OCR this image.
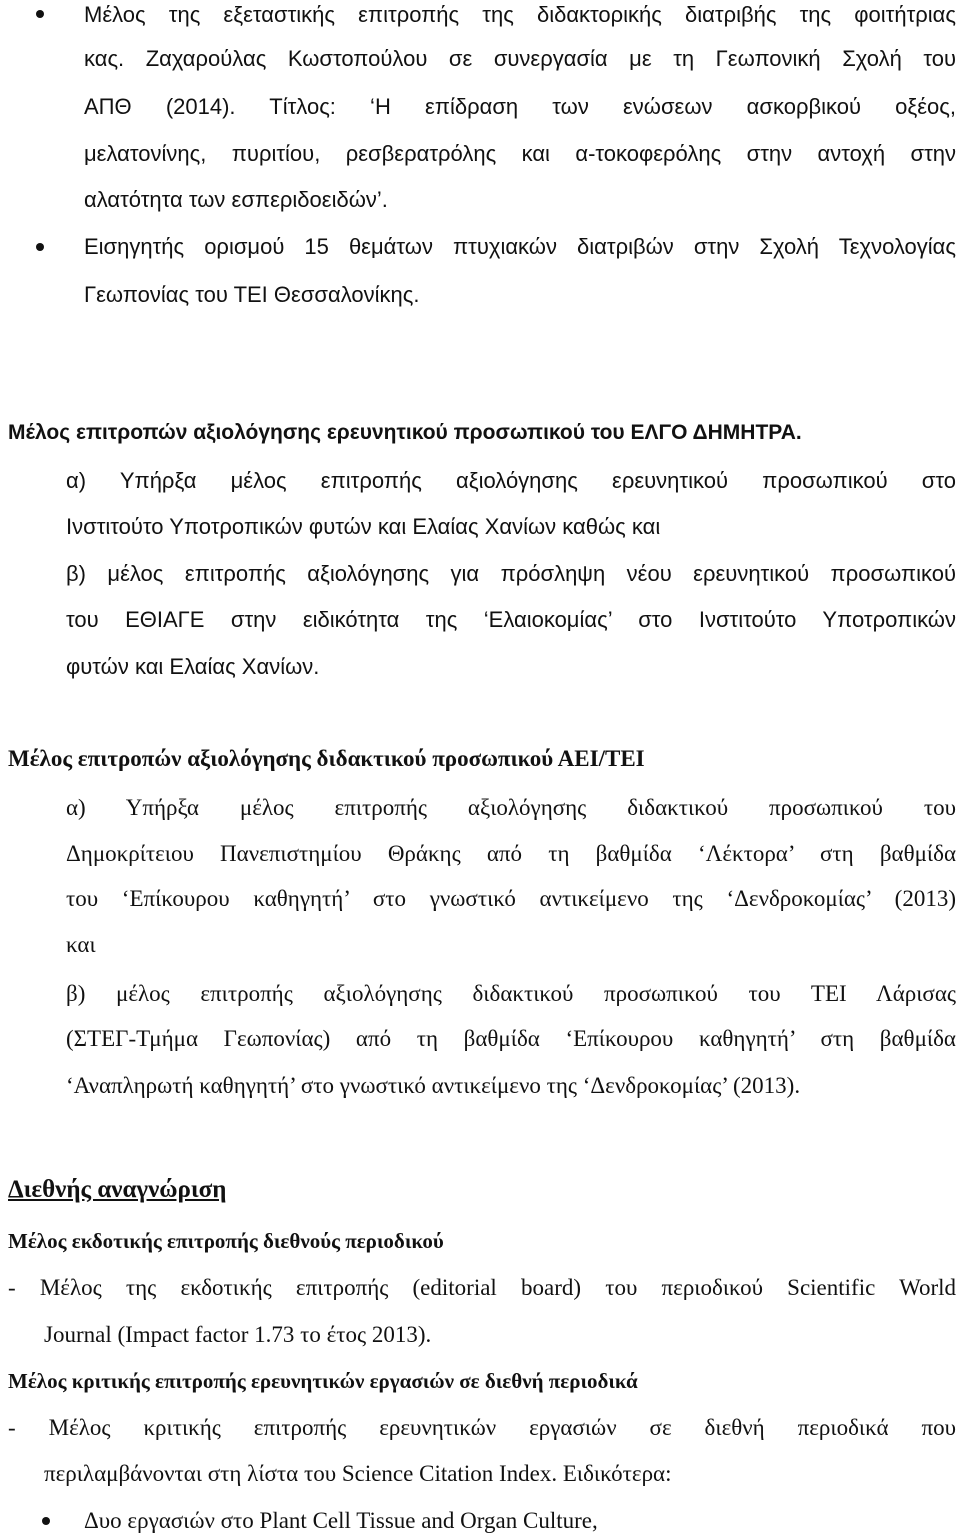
Μέλος της εξεταστικής επιτροπής της διδακτορικής διατριβής της φοιτήτριας

κας. Ζαχαρούλας Κωστοπούλου σε συνεργασία με τη Γεωπονική Σχολή του

ΑΠΘ (2014). Τίτλος: ‘Η επίδραση των ενώσεων ασκορβικού οξέος,

μελατονίνης, πυριτίου, ρεσβερατρόλης και α-τοκοφερόλης στην αντοχή στην

αλατότητα των εσπεριδοειδών’.

Εισηγητής ορισμού 15 θεμάτων πτυχιακών διατριβών στην Σχολή Τεχνολογίας

Γεωπονίας του ΤΕΙ Θεσσαλονίκης.

Μέλος επιτροπών αξιολόγησης ερευνητικού προσωπικού του ΕΛΓΟ ΔΗΜΗΤΡΑ.

α) Υπήρξα μέλος επιτροπής αξιολόγησης ερευνητικού προσωπικού στο

Ινστιτούτο Υποτροπικών φυτών και Ελαίας Χανίων καθώς και

β) μέλος επιτροπής αξιολόγησης για πρόσληψη νέου ερευνητικού προσωπικού

του ΕΘΙΑΓΕ στην ειδικότητα της ‘Ελαιοκομίας’ στο Ινστιτούτο Υποτροπικών

φυτών και Ελαίας Χανίων.

Μέλος επιτροπών αξιολόγησης διδακτικού προσωπικού ΑΕΙ/ΤΕΙ

α) Υπήρξα μέλος επιτροπής αξιολόγησης διδακτικού προσωπικού του

Δημοκρίτειου Πανεπιστημίου Θράκης από τη βαθμίδα ‘Λέκτορα’ στη βαθμίδα

του ‘Επίκουρου καθηγητή’ στο γνωστικό αντικείμενο της ‘Δενδροκομίας’ (2013)

και

β) μέλος επιτροπής αξιολόγησης διδακτικού προσωπικού του ΤΕΙ Λάρισας

(ΣΤΕΓ-Τμήμα Γεωπονίας) από τη βαθμίδα ‘Επίκουρου καθηγητή’ στη βαθμίδα

‘Αναπληρωτή καθηγητή’ στο γνωστικό αντικείμενο της ‘Δενδροκομίας’ (2013).

Διεθνής αναγνώριση

Μέλος εκδοτικής επιτροπής διεθνούς περιοδικού

- Μέλος της εκδοτικής επιτροπής (editorial board) του περιοδικού Scientific World

Journal (Impact factor 1.73 το έτος 2013).

Μέλος κριτικής επιτροπής ερευνητικών εργασιών σε διεθνή περιοδικά

- Μέλος κριτικής επιτροπής ερευνητικών εργασιών σε διεθνή περιοδικά που

περιλαμβάνονται στη λίστα του Science Citation Index. Ειδικότερα:

Δυο εργασιών στο Plant Cell Tissue and Organ Culture,
